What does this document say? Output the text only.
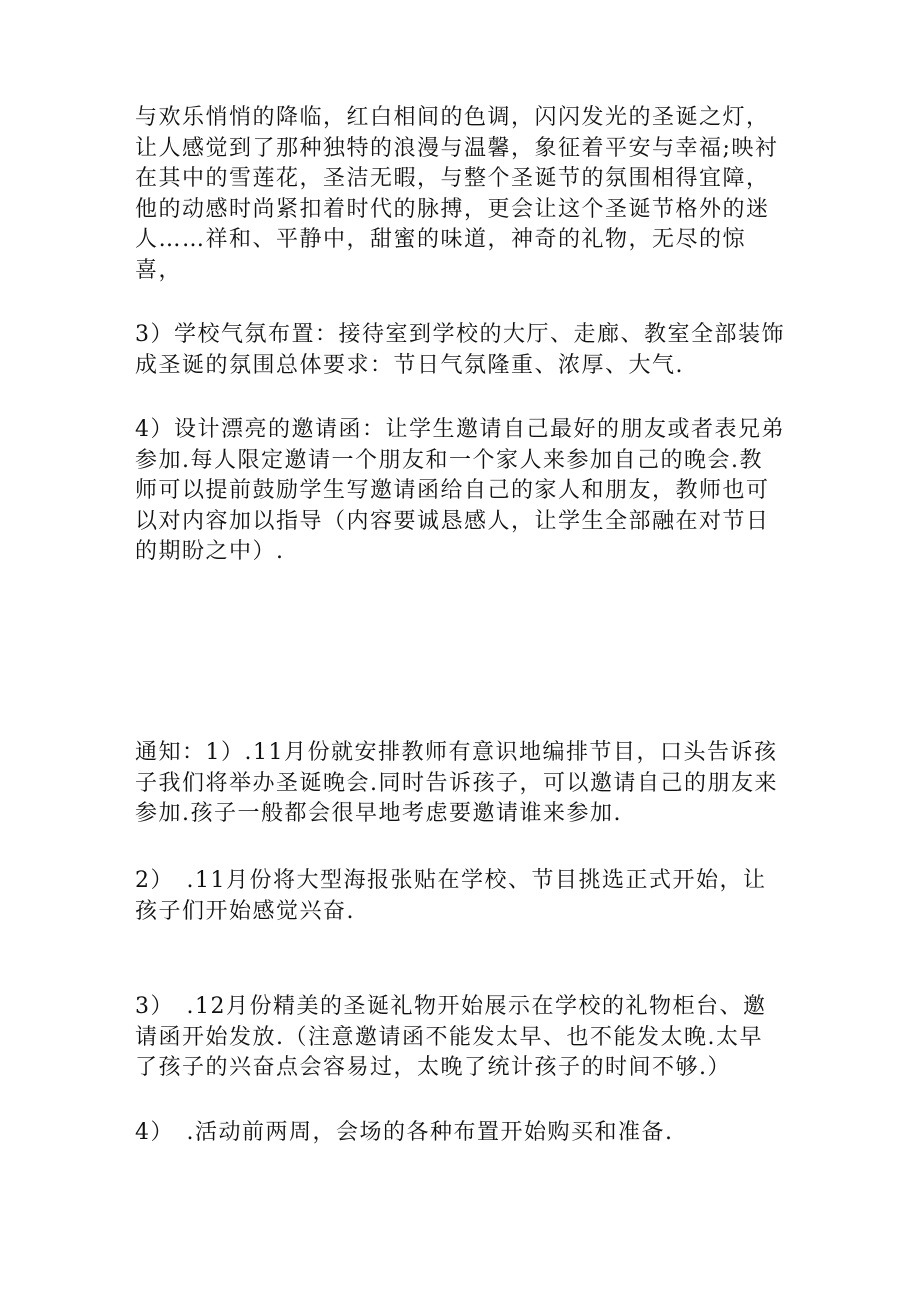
与欢乐悄悄的降临，红白相间的色调，闪闪发光的圣诞之灯，
让人感觉到了那种独特的浪漫与温馨，象征着平安与幸福;映衬
在其中的雪莲花，圣洁无暇，与整个圣诞节的氛围相得宜障，
他的动感时尚紧扣着时代的脉搏，更会让这个圣诞节格外的迷
人……祥和、平静中，甜蜜的味道，神奇的礼物，无尽的惊
喜，

3）学校气氛布置：接待室到学校的大厅、走廊、教室全部装饰
成圣诞的氛围总体要求：节日气氛隆重、浓厚、大气.

4）设计漂亮的邀请函：让学生邀请自己最好的朋友或者表兄弟
参加.每人限定邀请一个朋友和一个家人来参加自己的晚会.教
师可以提前鼓励学生写邀请函给自己的家人和朋友，教师也可
以对内容加以指导（内容要诚恳感人，让学生全部融在对节日
的期盼之中）.

通知：1）.11月份就安排教师有意识地编排节目，口头告诉孩
子我们将举办圣诞晚会.同时告诉孩子，可以邀请自己的朋友来
参加.孩子一般都会很早地考虑要邀请谁来参加.

2）　.11月份将大型海报张贴在学校、节目挑选正式开始，让
孩子们开始感觉兴奋.

3）　.12月份精美的圣诞礼物开始展示在学校的礼物柜台、邀
请函开始发放.（注意邀请函不能发太早、也不能发太晚.太早
了孩子的兴奋点会容易过，太晚了统计孩子的时间不够.）

4）　.活动前两周，会场的各种布置开始购买和准备.
